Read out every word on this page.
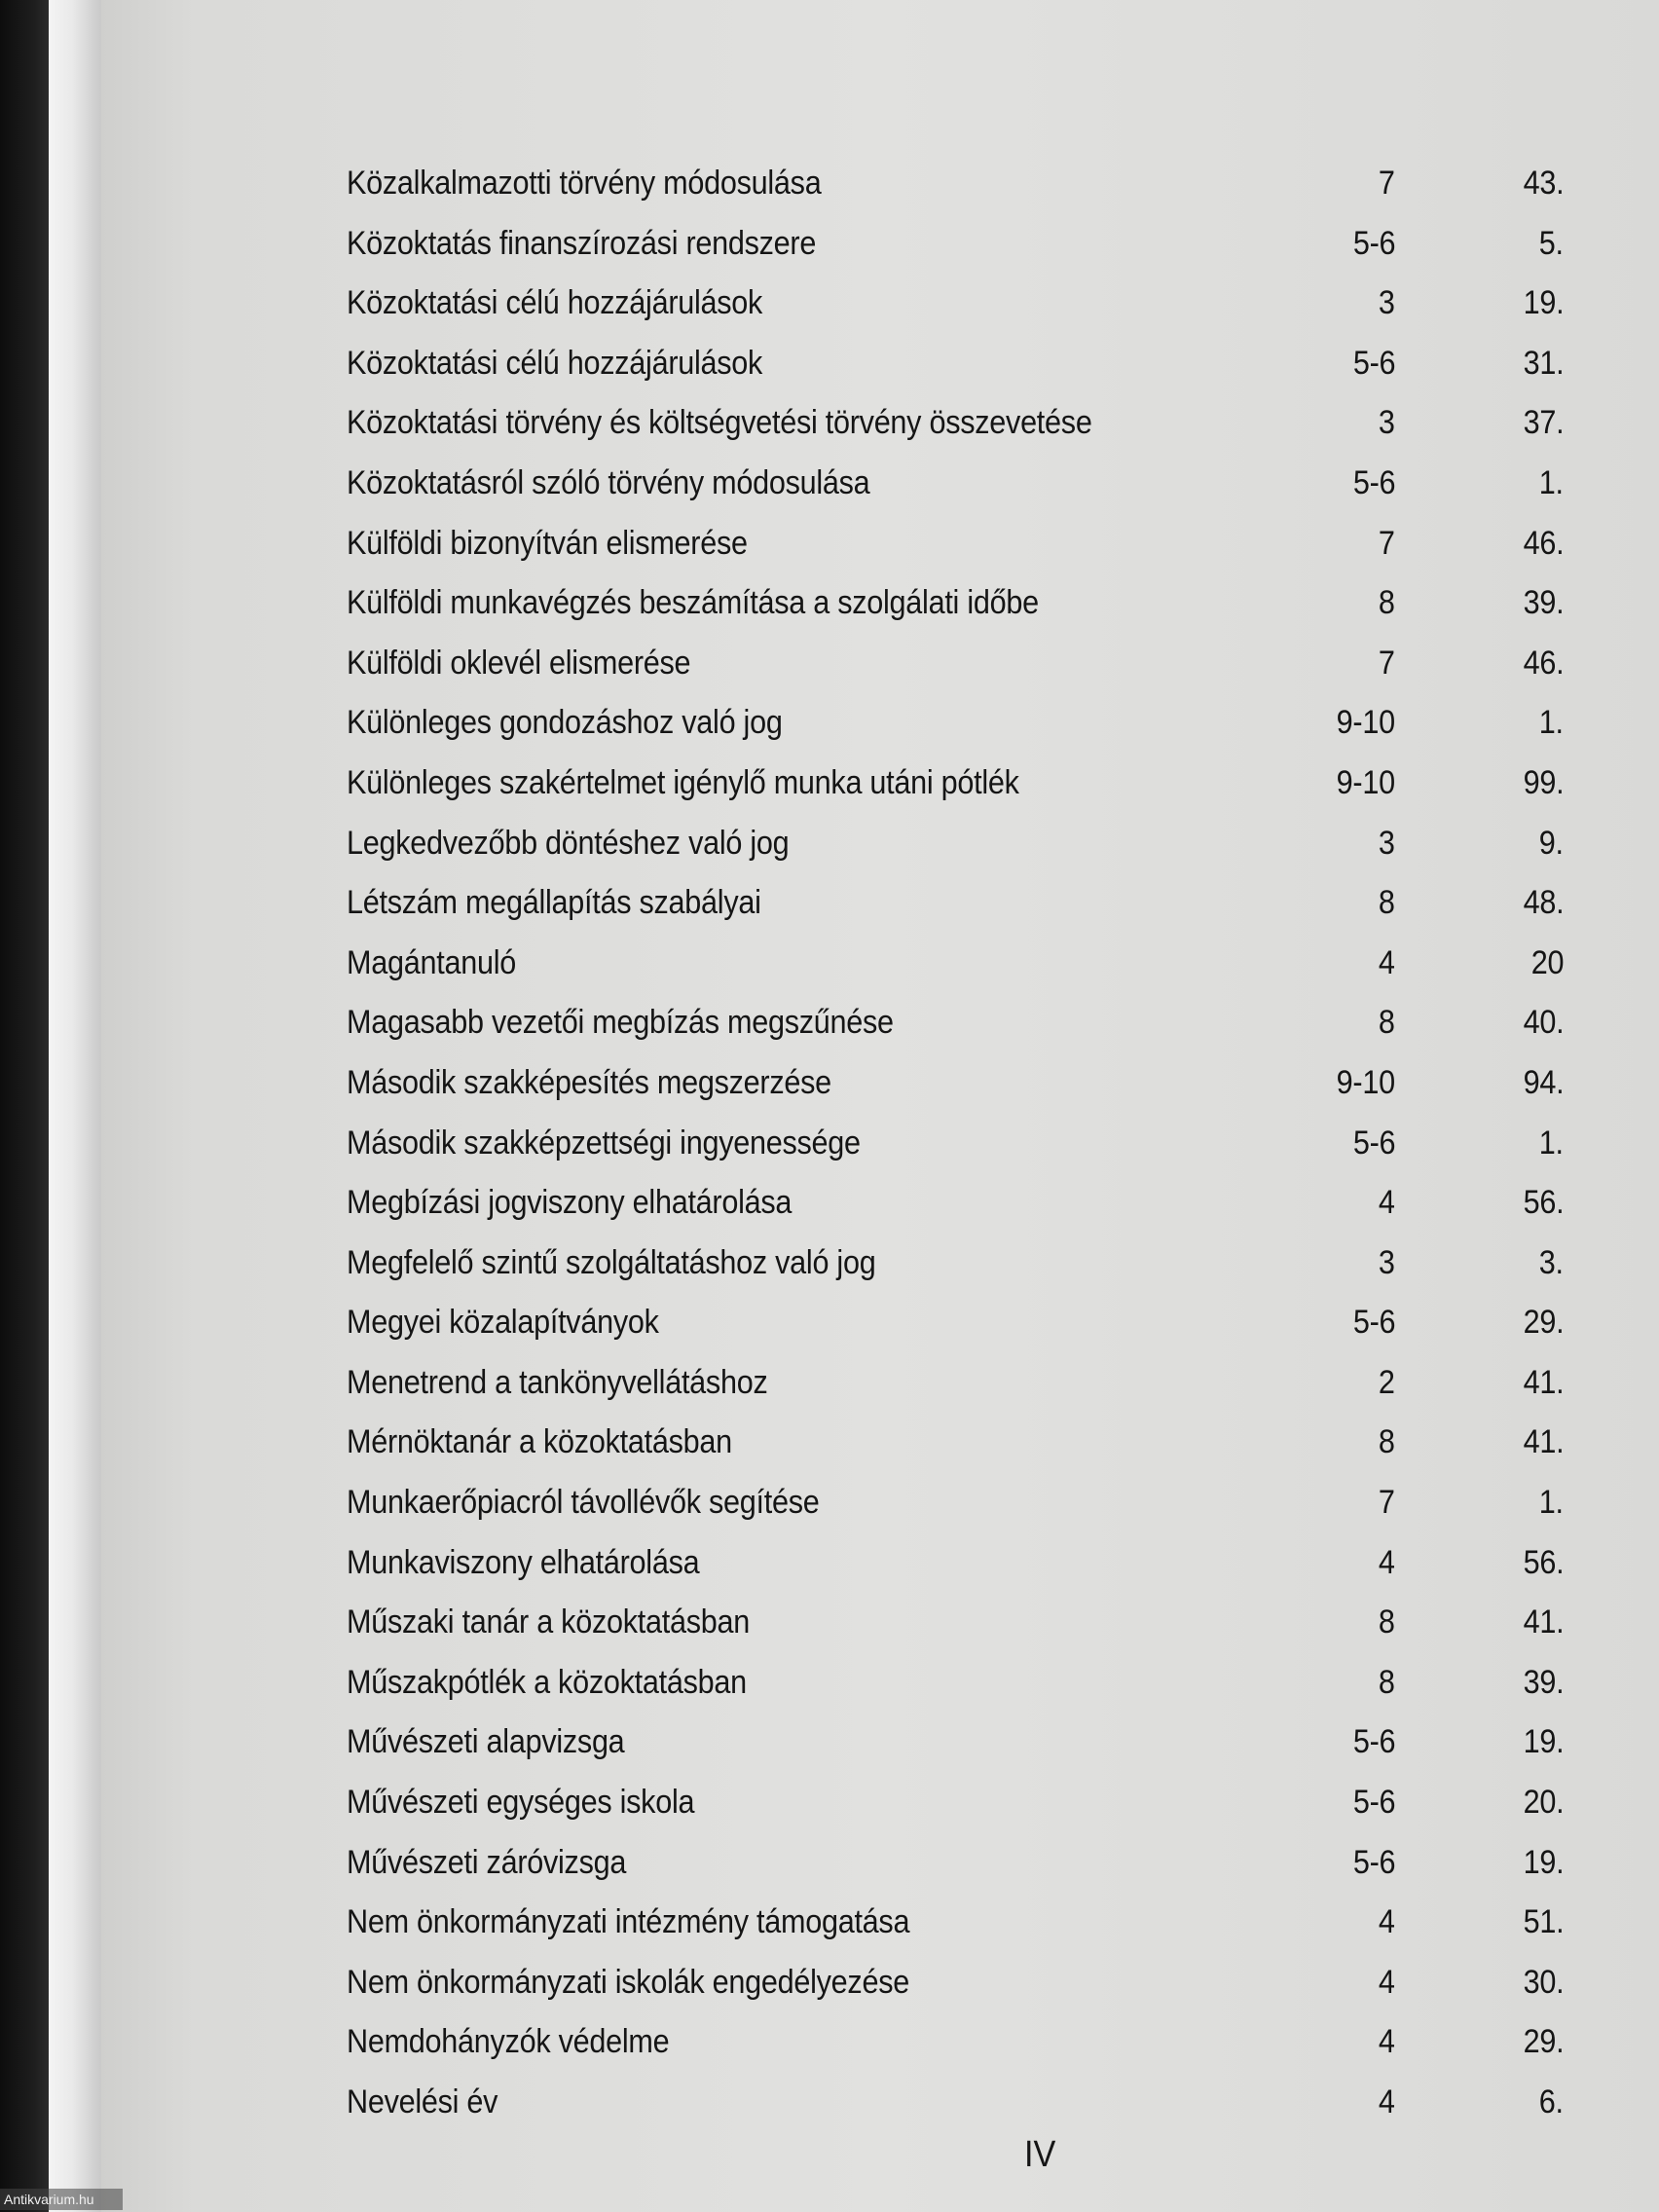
Közalkalmazotti törvény módosulása	7	43.
Közoktatás finanszírozási rendszere	5-6	5.
Közoktatási célú hozzájárulások	3	19.
Közoktatási célú hozzájárulások	5-6	31.
Közoktatási törvény és költségvetési törvény összevetése	3	37.
Közoktatásról szóló törvény módosulása	5-6	1.
Külföldi bizonyítván elismerése	7	46.
Külföldi munkavégzés beszámítása a szolgálati időbe	8	39.
Külföldi oklevél elismerése	7	46.
Különleges gondozáshoz való jog	9-10	1.
Különleges szakértelmet igénylő munka utáni pótlék	9-10	99.
Legkedvezőbb döntéshez való jog	3	9.
Létszám megállapítás szabályai	8	48.
Magántanuló	4	20
Magasabb vezetői megbízás megszűnése	8	40.
Második szakképesítés megszerzése	9-10	94.
Második szakképzettségi ingyenessége	5-6	1.
Megbízási jogviszony elhatárolása	4	56.
Megfelelő szintű szolgáltatáshoz való jog	3	3.
Megyei közalapítványok	5-6	29.
Menetrend a tankönyvellátáshoz	2	41.
Mérnöktanár a közoktatásban	8	41.
Munkaerőpiacról távollévők segítése	7	1.
Munkaviszony elhatárolása	4	56.
Műszaki tanár a közoktatásban	8	41.
Műszakpótlék a közoktatásban	8	39.
Művészeti alapvizsga	5-6	19.
Művészeti egységes iskola	5-6	20.
Művészeti záróvizsga	5-6	19.
Nem önkormányzati intézmény támogatása	4	51.
Nem önkormányzati iskolák engedélyezése	4	30.
Nemdohányzók védelme	4	29.
Nevelési év	4	6.
IV
Antikvarium.hu
